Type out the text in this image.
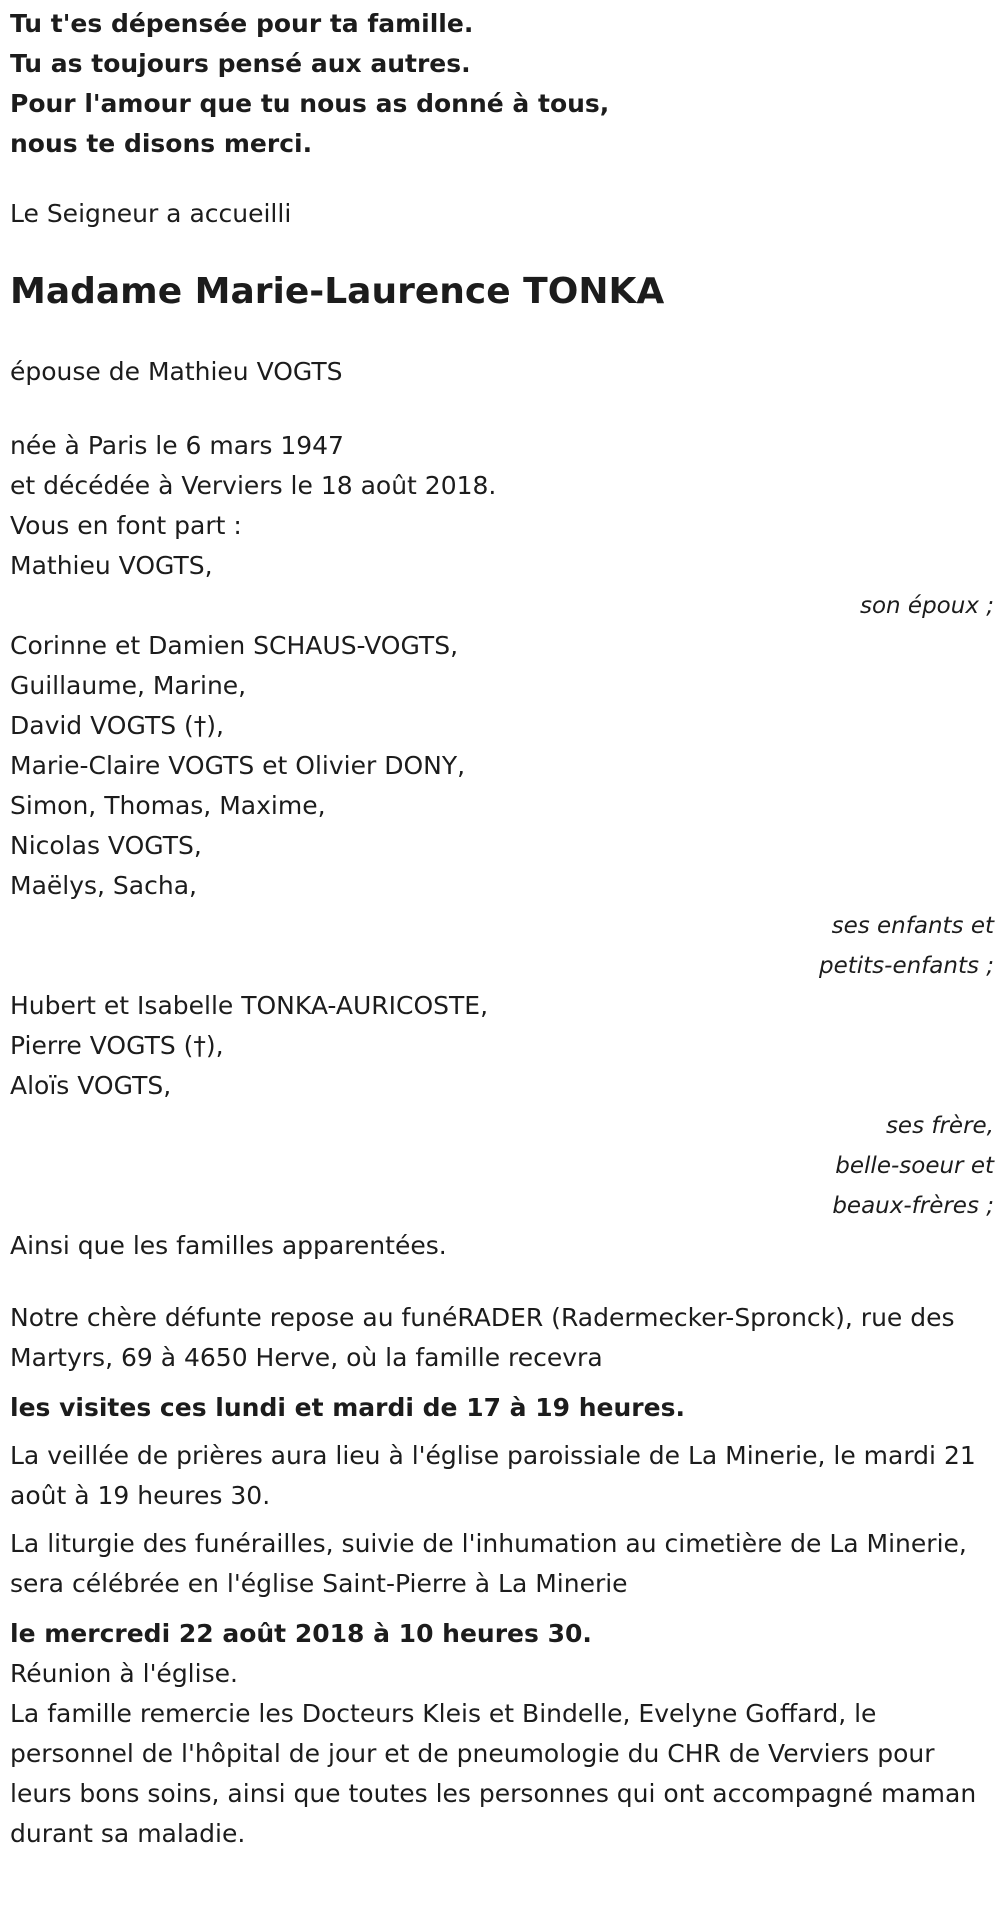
Tu t'es dépensée pour ta famille.

Tu as toujours pensé aux autres.

Pour l'amour que tu nous as donné à tous,

nous te disons merci.

Le Seigneur a accueilli

Madame Marie-Laurence TONKA

épouse de Mathieu VOGTS

née à Paris le 6 mars 1947

et décédée à Verviers le 18 août 2018.

Vous en font part :

Mathieu VOGTS,

son époux ;

Corinne et Damien SCHAUS-VOGTS,

Guillaume, Marine,

David VOGTS (†),

Marie-Claire VOGTS et Olivier DONY,

Simon, Thomas, Maxime,

Nicolas VOGTS,

Maëlys, Sacha,

ses enfants et

petits-enfants ;

Hubert et Isabelle TONKA-AURICOSTE,

Pierre VOGTS (†),

Aloïs VOGTS,

ses frère,

belle-soeur et

beaux-frères ;

Ainsi que les familles apparentées.

Notre chère défunte repose au funéRADER (Radermecker-Spronck), rue des Martyrs, 69 à 4650 Herve, où la famille recevra

les visites ces lundi et mardi de 17 à 19 heures.

La veillée de prières aura lieu à l'église paroissiale de La Minerie, le mardi 21 août à 19 heures 30.

La liturgie des funérailles, suivie de l'inhumation au cimetière de La Minerie, sera célébrée en l'église Saint-Pierre à La Minerie

le mercredi 22 août 2018 à 10 heures 30.

Réunion à l'église.

La famille remercie les Docteurs Kleis et Bindelle, Evelyne Goffard, le personnel de l'hôpital de jour et de pneumologie du CHR de Verviers pour leurs bons soins, ainsi que toutes les personnes qui ont accompagné maman durant sa maladie.
